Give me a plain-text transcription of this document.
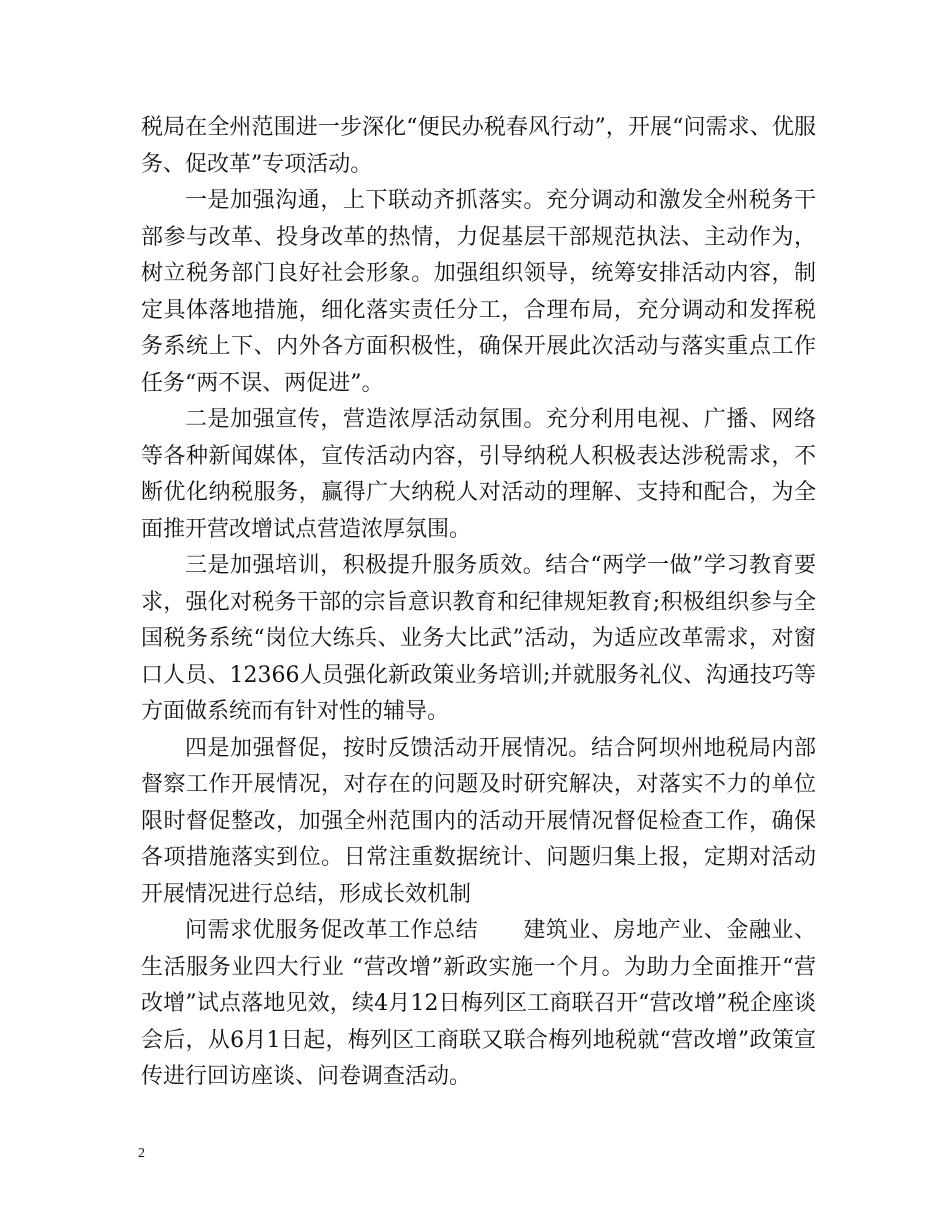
税局在全州范围进一步深化“便民办税春风行动”，开展“问需求、优服务、促改革”专项活动。

一是加强沟通，上下联动齐抓落实。充分调动和激发全州税务干部参与改革、投身改革的热情，力促基层干部规范执法、主动作为，树立税务部门良好社会形象。加强组织领导，统筹安排活动内容，制定具体落地措施，细化落实责任分工，合理布局，充分调动和发挥税务系统上下、内外各方面积极性，确保开展此次活动与落实重点工作任务“两不误、两促进”。

二是加强宣传，营造浓厚活动氛围。充分利用电视、广播、网络等各种新闻媒体，宣传活动内容，引导纳税人积极表达涉税需求，不断优化纳税服务，赢得广大纳税人对活动的理解、支持和配合，为全面推开营改增试点营造浓厚氛围。

三是加强培训，积极提升服务质效。结合“两学一做”学习教育要求，强化对税务干部的宗旨意识教育和纪律规矩教育;积极组织参与全国税务系统“岗位大练兵、业务大比武”活动，为适应改革需求，对窗口人员、12366人员强化新政策业务培训;并就服务礼仪、沟通技巧等方面做系统而有针对性的辅导。

四是加强督促，按时反馈活动开展情况。结合阿坝州地税局内部督察工作开展情况，对存在的问题及时研究解决，对落实不力的单位限时督促整改，加强全州范围内的活动开展情况督促检查工作，确保各项措施落实到位。日常注重数据统计、问题归集上报，定期对活动开展情况进行总结，形成长效机制

问需求优服务促改革工作总结　　建筑业、房地产业、金融业、生活服务业四大行业 “营改增”新政实施一个月。为助力全面推开“营改增”试点落地见效，续4月12日梅列区工商联召开“营改增”税企座谈会后，从6月1日起，梅列区工商联又联合梅列地税就“营改增”政策宣传进行回访座谈、问卷调查活动。

2
